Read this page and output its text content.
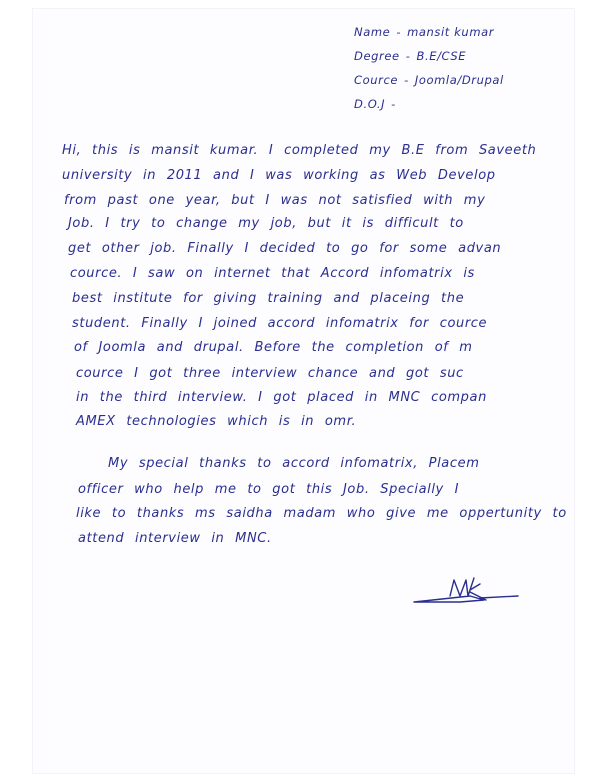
Name - mansit kumar
Degree - B.E/CSE
Cource - Joomla/Drupal
D.O.J -
Hi, this is mansit kumar. I completed my B.E from Saveeth
university in 2011 and I was working as Web Develop
from past one year, but I was not satisfied with my
Job. I try to change my job, but it is difficult to
get other job. Finally I decided to go for some advan
cource. I saw on internet that Accord infomatrix is
best institute for giving training and placeing the
student. Finally I joined accord infomatrix for cource
of Joomla and drupal. Before the completion of m
cource I got three interview chance and got suc
in the third interview. I got placed in MNC compan
AMEX technologies which is in omr.
My special thanks to accord infomatrix, Placem
officer who help me to got this Job. Specially I
like to thanks ms saidha madam who give me oppertunity to
attend interview in MNC.
